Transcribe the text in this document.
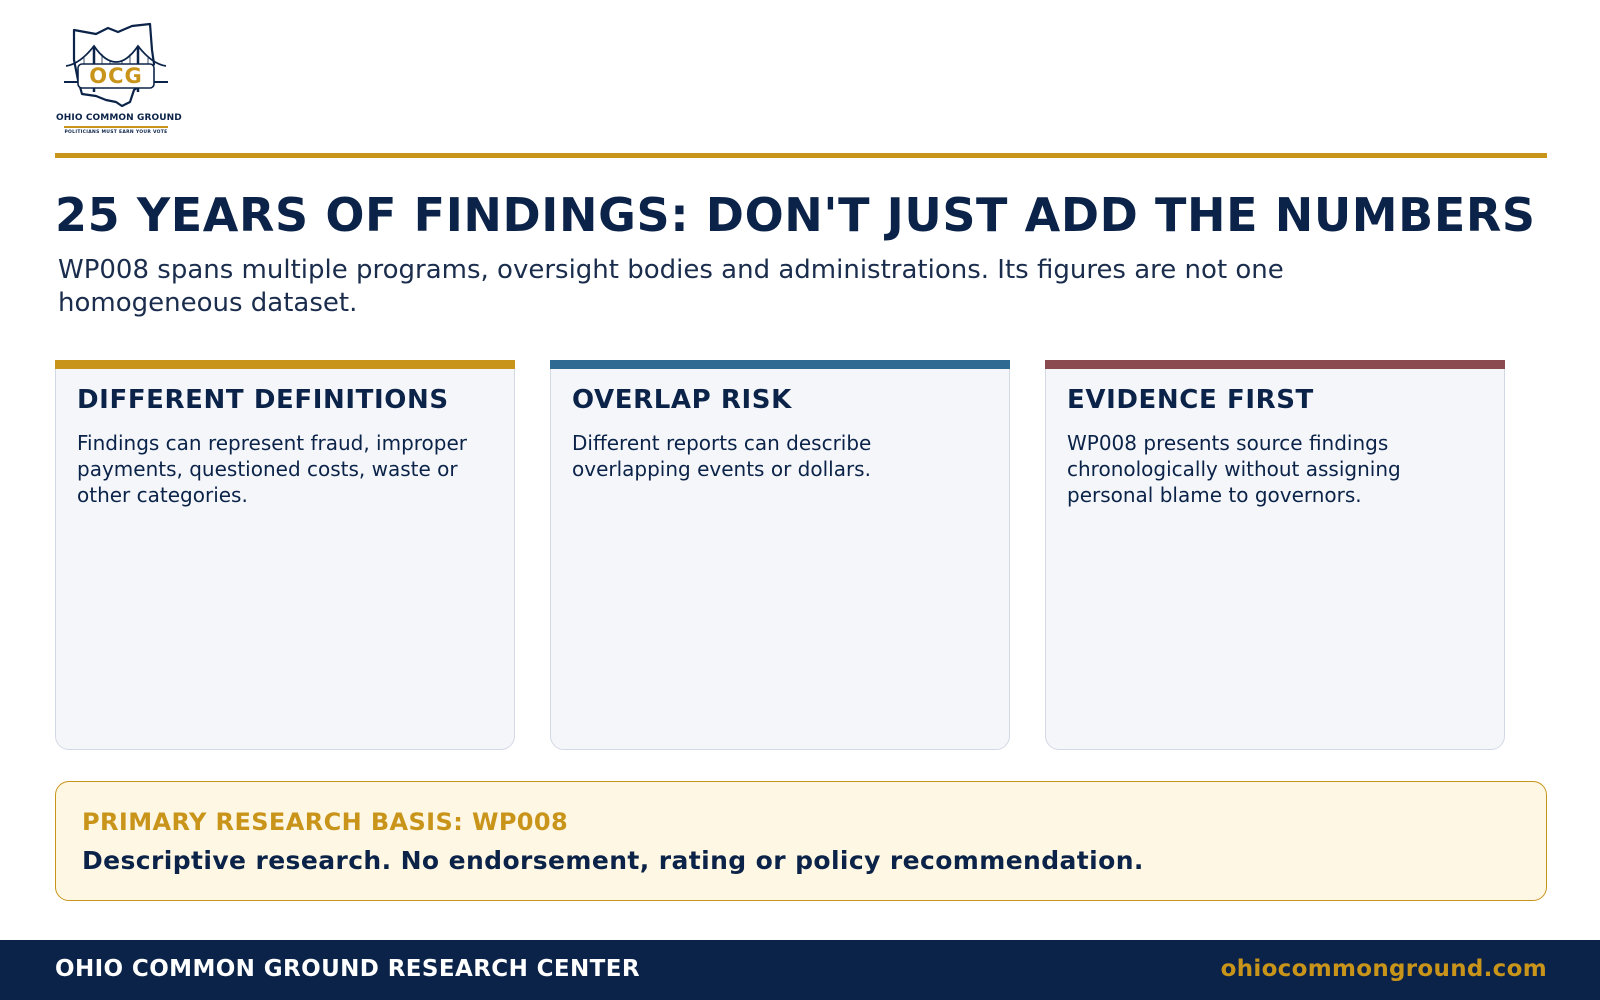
OCG
OHIO COMMON GROUND
POLITICIANS MUST EARN YOUR VOTE
25 YEARS OF FINDINGS: DON'T JUST ADD THE NUMBERS

WP008 spans multiple programs, oversight bodies and administrations. Its figures are not one homogeneous dataset.

DIFFERENT DEFINITIONS
Findings can represent fraud, improper payments, questioned costs, waste or other categories.
OVERLAP RISK
Different reports can describe overlapping events or dollars.
EVIDENCE FIRST
WP008 presents source findings chronologically without assigning personal blame to governors.
PRIMARY RESEARCH BASIS: WP008
Descriptive research. No endorsement, rating or policy recommendation.
OHIO COMMON GROUND RESEARCH CENTER	ohiocommonground.com
